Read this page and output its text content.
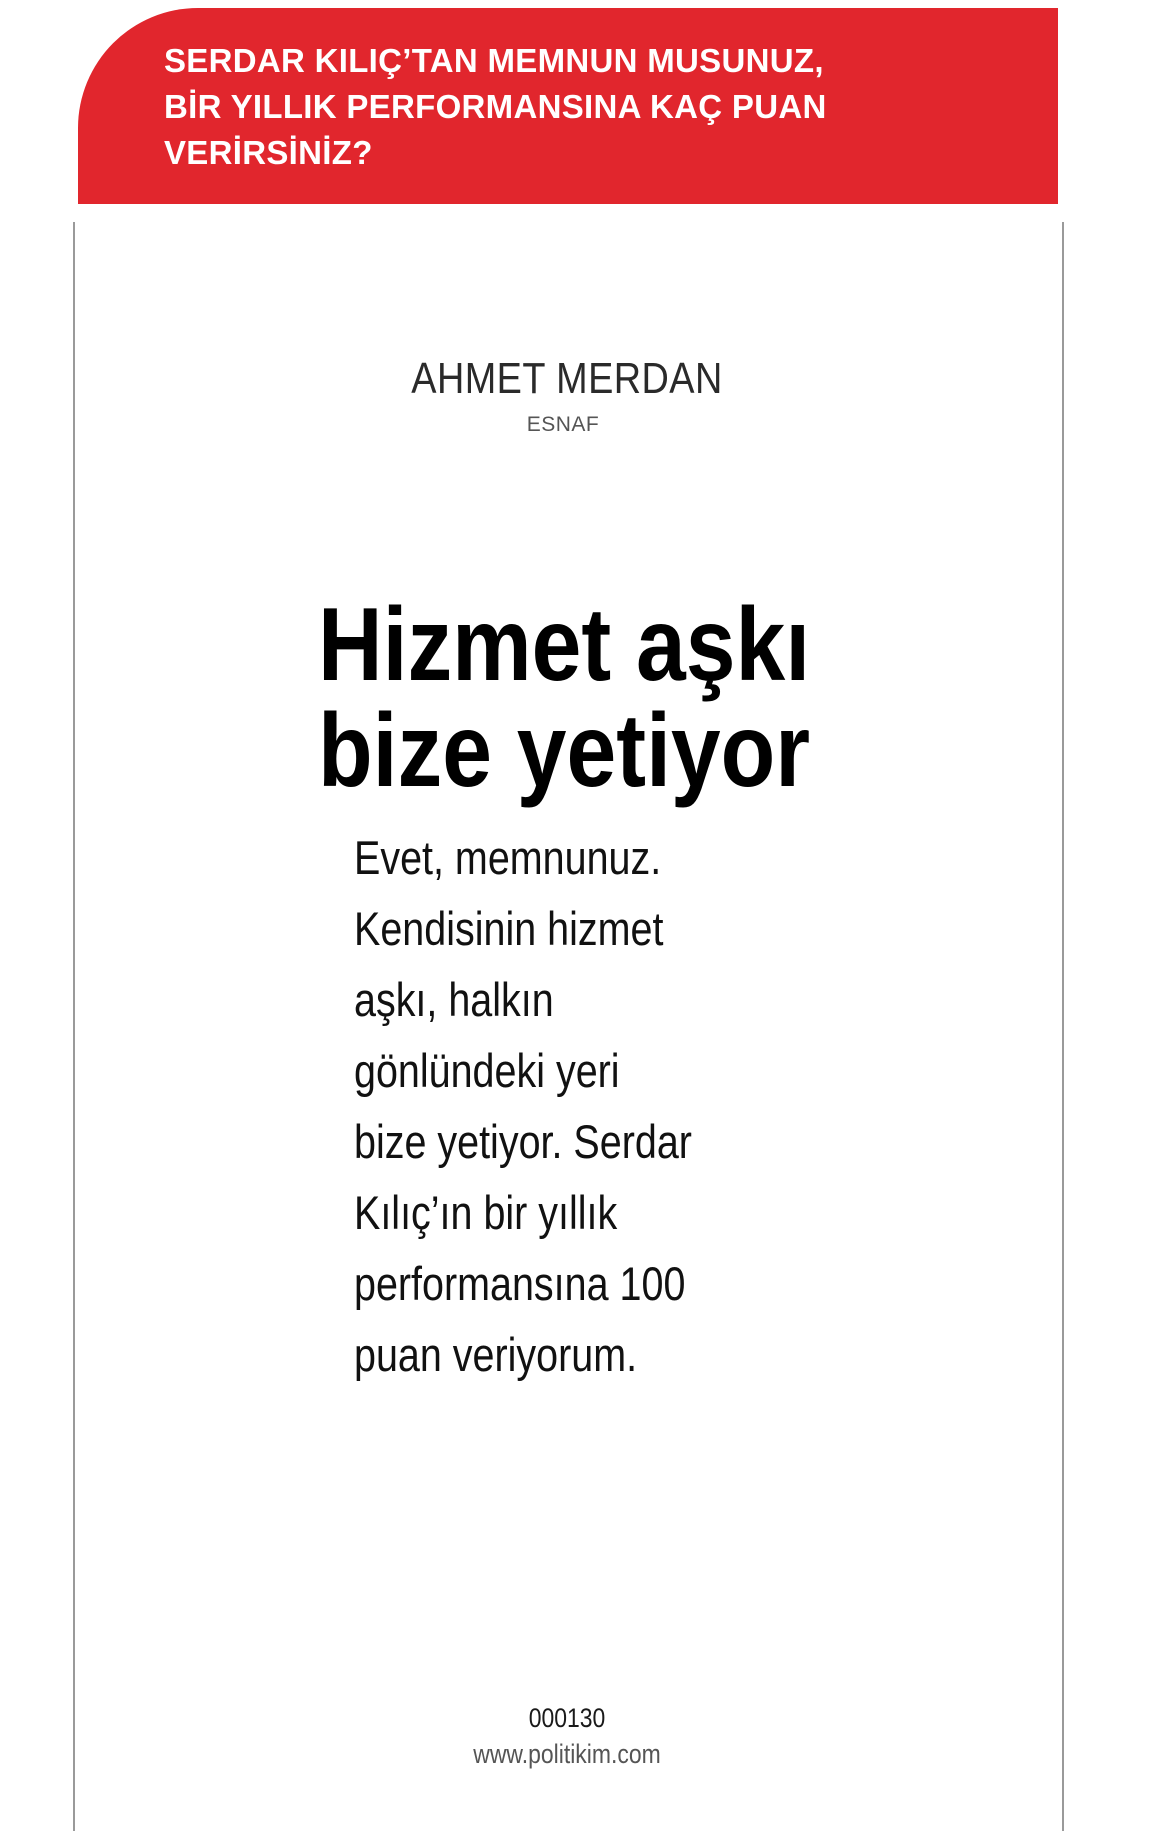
SERDAR KILIÇ’TAN MEMNUN MUSUNUZ,
BİR YILLIK PERFORMANSINA KAÇ PUAN
VERİRSİNİZ?

AHMET MERDAN

ESNAF

Hizmet aşkı
bize yetiyor

Evet, memnunuz.
Kendisinin hizmet
aşkı, halkın
gönlündeki yeri
bize yetiyor. Serdar
Kılıç’ın bir yıllık
performansına 100
puan veriyorum.

000130

www.politikim.com
